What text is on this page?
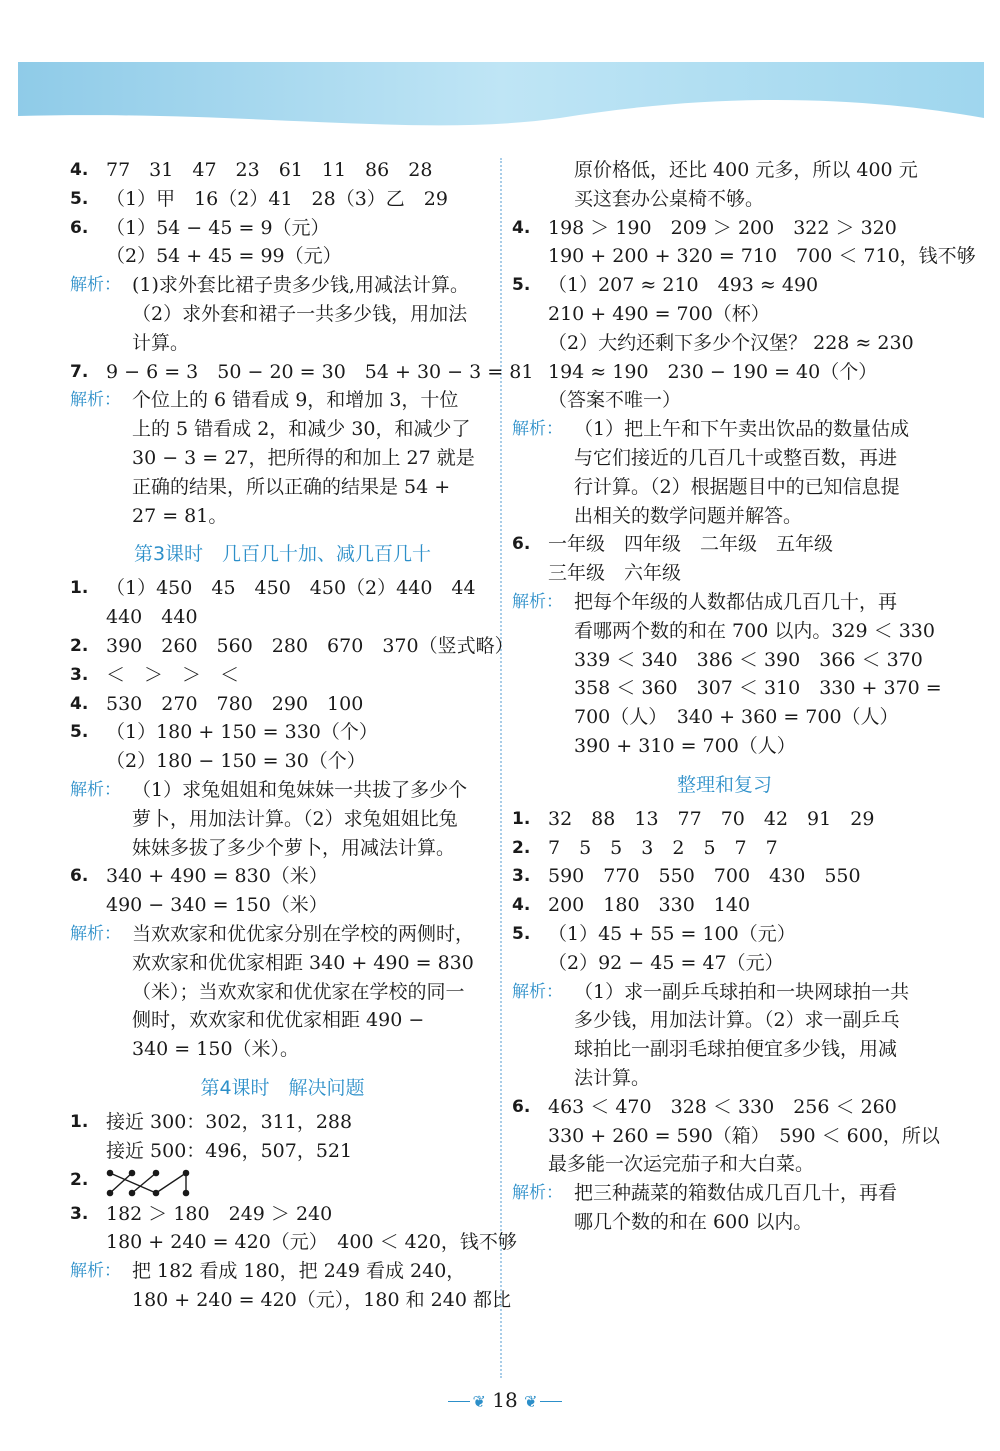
4. 77　31　47　23　61　11　86　28
5. （1）甲　16（2）41　28（3）乙　29
6. （1）54 − 45 = 9（元）
（2）54 + 45 = 99（元）
解析： (1)求外套比裙子贵多少钱,用减法计算。
（2）求外套和裙子一共多少钱，用加法
计算。
7. 9 − 6 = 3　50 − 20 = 30　54 + 30 − 3 = 81
解析： 个位上的 6 错看成 9，和增加 3，十位
上的 5 错看成 2，和减少 30，和减少了
30 − 3 = 27，把所得的和加上 27 就是
正确的结果，所以正确的结果是 54 +
27 = 81。
第3课时　几百几十加、减几百几十
1. （1）450　45　450　450（2）440　44
440　440
2. 390　260　560　280　670　370（竖式略）
3. ＜　＞　＞　＜
4. 530　270　780　290　100
5. （1）180 + 150 = 330（个）
（2）180 − 150 = 30（个）
解析： （1）求兔姐姐和兔妹妹一共拔了多少个
萝卜，用加法计算。（2）求兔姐姐比兔
妹妹多拔了多少个萝卜，用减法计算。
6. 340 + 490 = 830（米）
490 − 340 = 150（米）
解析： 当欢欢家和优优家分别在学校的两侧时，
欢欢家和优优家相距 340 + 490 = 830
（米）；当欢欢家和优优家在学校的同一
侧时，欢欢家和优优家相距 490 −
340 = 150（米）。
第4课时　解决问题
1. 接近 300：302，311，288
接近 500：496，507，521
2.
3. 182 ＞ 180　249 ＞ 240
180 + 240 = 420（元）　400 ＜ 420，钱不够
解析： 把 182 看成 180，把 249 看成 240，
180 + 240 = 420（元），180 和 240 都比
原价格低，还比 400 元多，所以 400 元
买这套办公桌椅不够。
4. 198 ＞ 190　209 ＞ 200　322 ＞ 320
190 + 200 + 320 = 710　700 ＜ 710，钱不够
5. （1）207 ≈ 210　493 ≈ 490
210 + 490 = 700（杯）
（2）大约还剩下多少个汉堡？ 228 ≈ 230
194 ≈ 190　230 − 190 = 40（个）
（答案不唯一）
解析： （1）把上午和下午卖出饮品的数量估成
与它们接近的几百几十或整百数，再进
行计算。（2）根据题目中的已知信息提
出相关的数学问题并解答。
6. 一年级　四年级　二年级　五年级
三年级　六年级
解析： 把每个年级的人数都估成几百几十，再
看哪两个数的和在 700 以内。329 ＜ 330
339 ＜ 340　386 ＜ 390　366 ＜ 370
358 ＜ 360　307 ＜ 310　330 + 370 =
700（人）　340 + 360 = 700（人）
390 + 310 = 700（人）
整理和复习
1. 32　88　13　77　70　42　91　29
2. 7　5　5　3　2　5　7　7
3. 590　770　550　700　430　550
4. 200　180　330　140
5. （1）45 + 55 = 100（元）
（2）92 − 45 = 47（元）
解析： （1）求一副乒乓球拍和一块网球拍一共
多少钱，用加法计算。（2）求一副乒乓
球拍比一副羽毛球拍便宜多少钱，用减
法计算。
6. 463 ＜ 470　328 ＜ 330　256 ＜ 260
330 + 260 = 590（箱）　590 ＜ 600，所以
最多能一次运完茄子和大白菜。
解析： 把三种蔬菜的箱数估成几百几十，再看
哪几个数的和在 600 以内。
❦ 18 ❦
